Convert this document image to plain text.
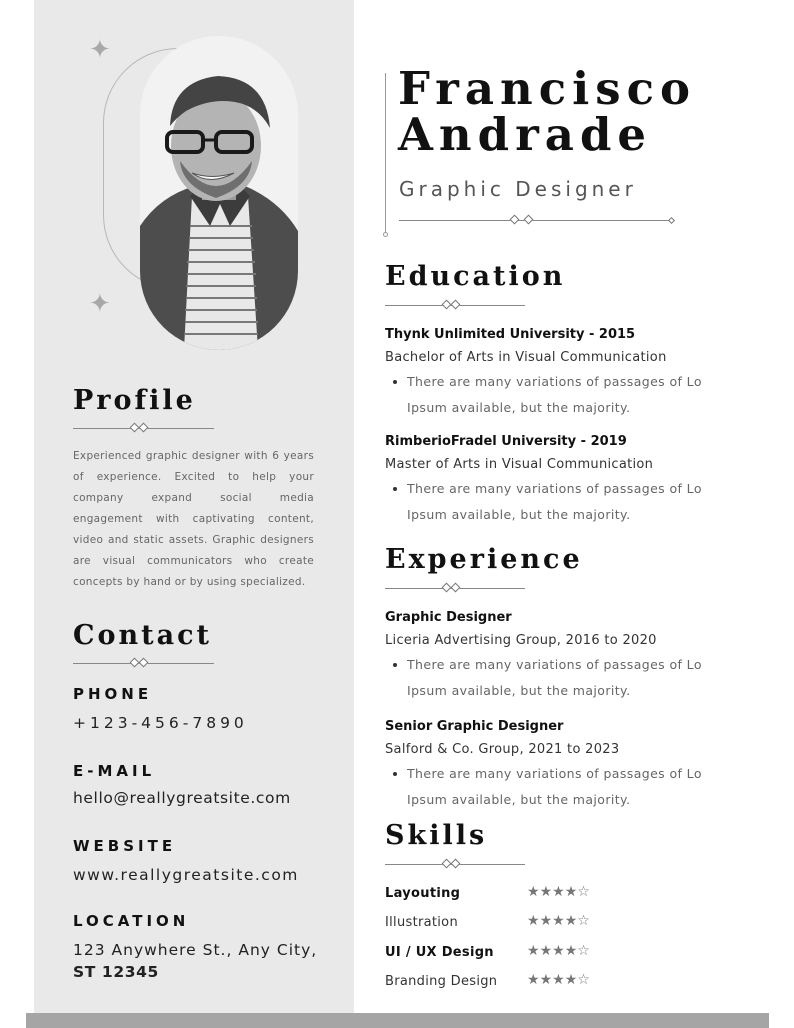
✦
✦
Francisco
Andrade
Graphic Designer
Profile
Experienced graphic designer with 6 years of experience. Excited to help your company expand social media engagement with captivating content, video and static assets. Graphic designers are visual communicators who create concepts by hand or by using specialized.
Contact
PHONE
+123-456-7890
E-MAIL
hello@reallygreatsite.com
WEBSITE
www.reallygreatsite.com
LOCATION
123 Anywhere St., Any City,
ST 12345
Education
Thynk Unlimited University - 2015
Bachelor of Arts in Visual Communication
There are many variations of passages of Lo Ipsum available, but the majority.
RimberioFradel University - 2019
Master of Arts in Visual Communication
There are many variations of passages of Lo Ipsum available, but the majority.
Experience
Graphic Designer
Liceria Advertising Group, 2016 to 2020
There are many variations of passages of Lo Ipsum available, but the majority.
Senior Graphic Designer
Salford & Co. Group, 2021 to 2023
There are many variations of passages of Lo Ipsum available, but the majority.
Skills
Layouting	★★★★☆
Illustration	★★★★☆
UI / UX Design ★★★★☆
Branding Design ★★★★☆
